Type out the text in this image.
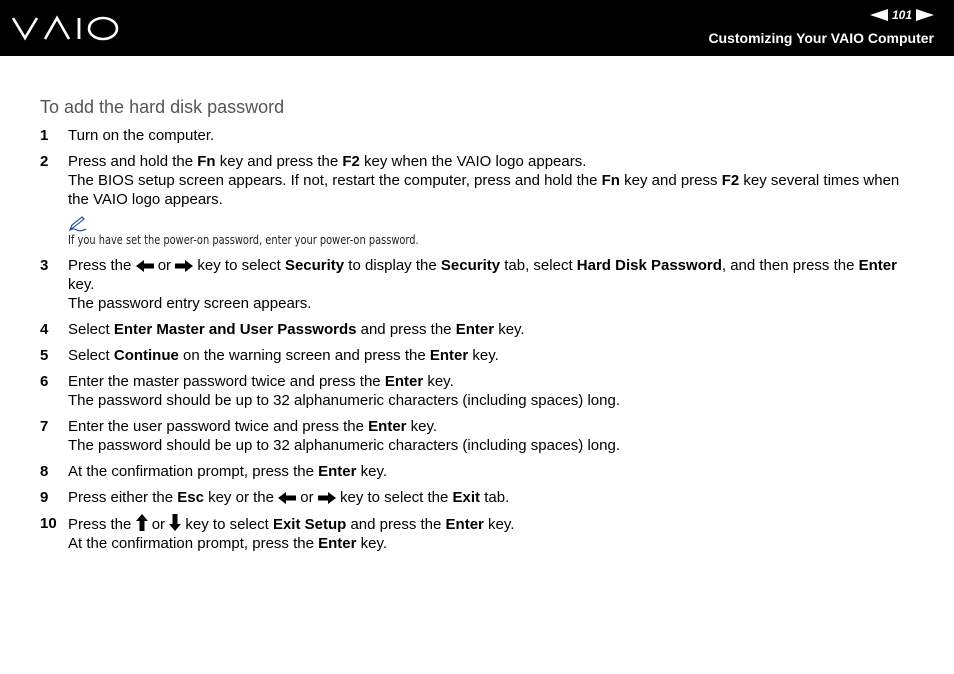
101
Customizing Your VAIO Computer
To add the hard disk password
1 Turn on the computer.
2 Press and hold the Fn key and press the F2 key when the VAIO logo appears.
The BIOS setup screen appears. If not, restart the computer, press and hold the Fn key and press F2 key several times when the VAIO logo appears.
If you have set the power-on password, enter your power-on password.
3 Press the  or  key to select Security to display the Security tab, select Hard Disk Password, and then press the Enter key.
The password entry screen appears.
4 Select Enter Master and User Passwords and press the Enter key.
5 Select Continue on the warning screen and press the Enter key.
6 Enter the master password twice and press the Enter key.
The password should be up to 32 alphanumeric characters (including spaces) long.
7 Enter the user password twice and press the Enter key.
The password should be up to 32 alphanumeric characters (including spaces) long.
8 At the confirmation prompt, press the Enter key.
9 Press either the Esc key or the  or  key to select the Exit tab.
10 Press the  or  key to select Exit Setup and press the Enter key.
At the confirmation prompt, press the Enter key.
